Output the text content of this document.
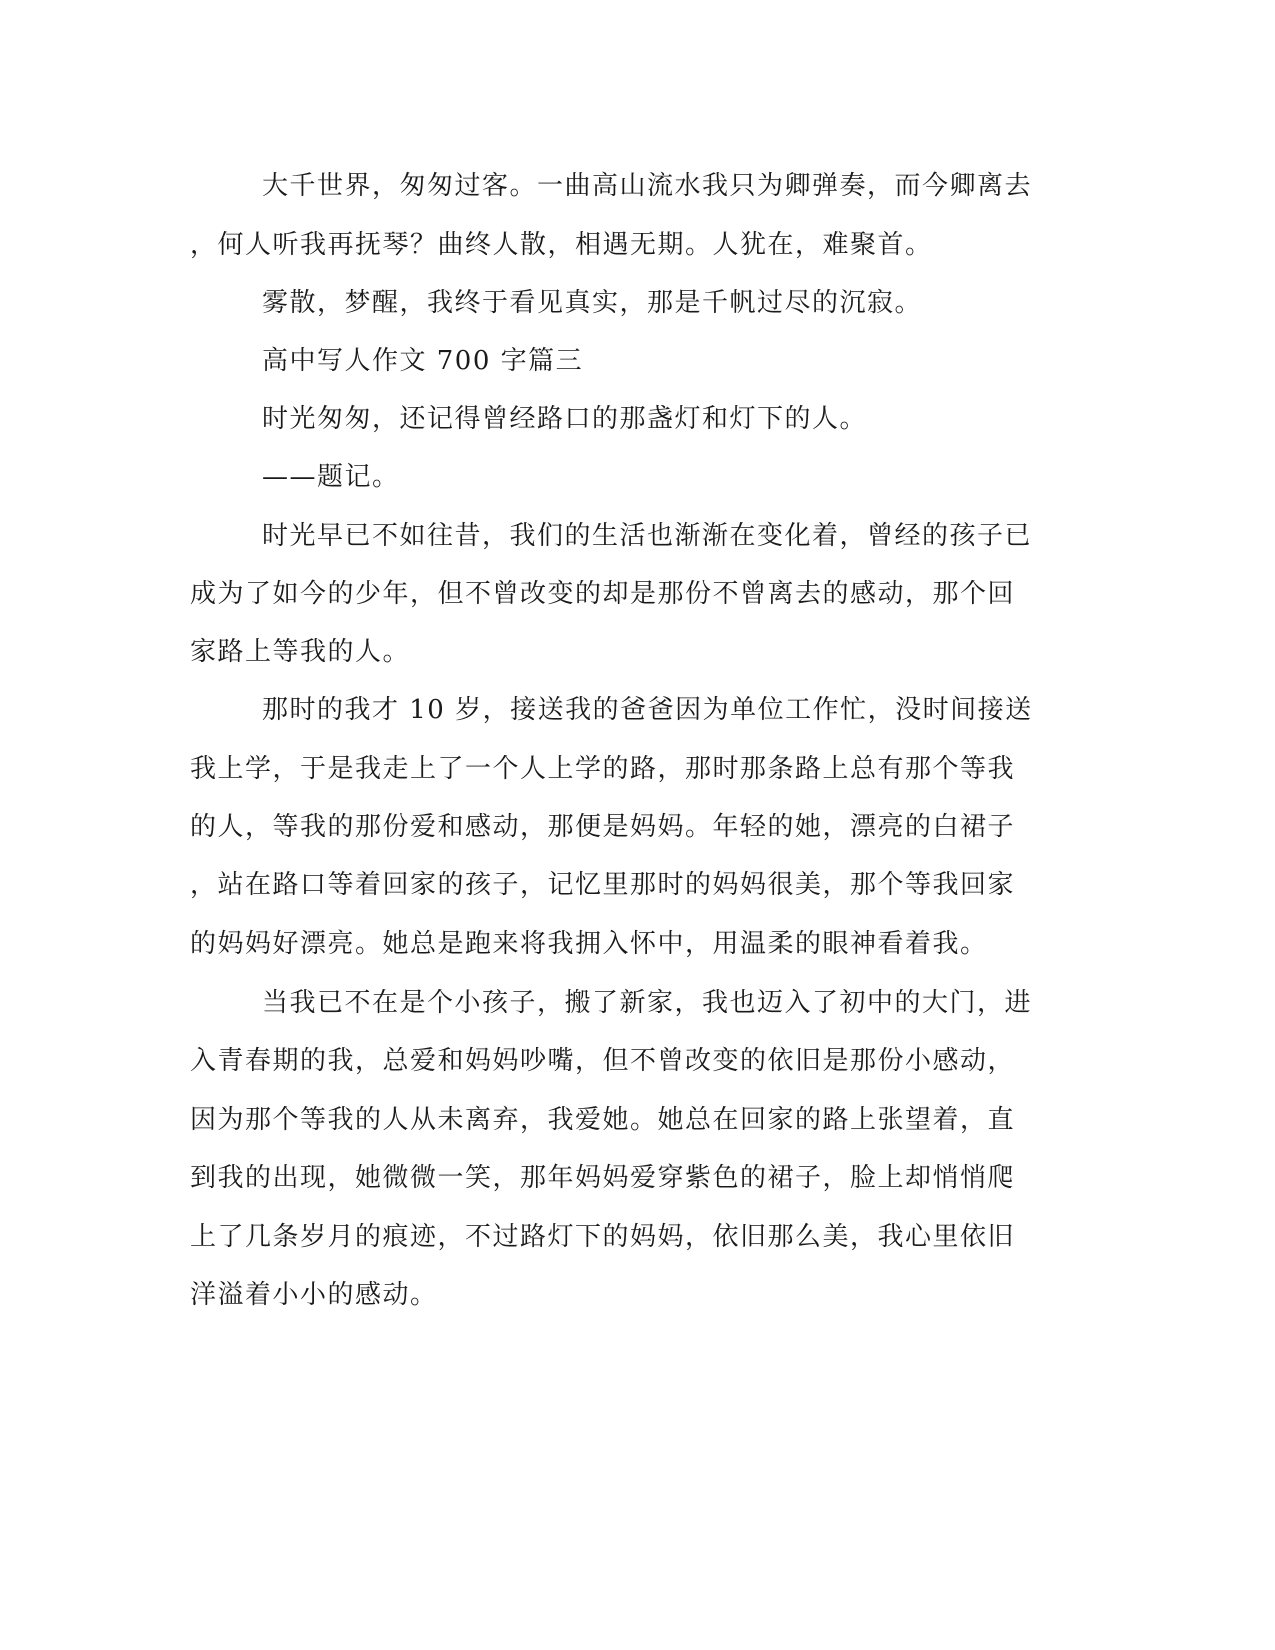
大千世界，匆匆过客。一曲高山流水我只为卿弹奏，而今卿离去
，何人听我再抚琴？曲终人散，相遇无期。人犹在，难聚首。
雾散，梦醒，我终于看见真实，那是千帆过尽的沉寂。
高中写人作文 700 字篇三
时光匆匆，还记得曾经路口的那盏灯和灯下的人。
——题记。
时光早已不如往昔，我们的生活也渐渐在变化着，曾经的孩子已
成为了如今的少年，但不曾改变的却是那份不曾离去的感动，那个回
家路上等我的人。
那时的我才 10 岁，接送我的爸爸因为单位工作忙，没时间接送
我上学，于是我走上了一个人上学的路，那时那条路上总有那个等我
的人，等我的那份爱和感动，那便是妈妈。年轻的她，漂亮的白裙子
，站在路口等着回家的孩子，记忆里那时的妈妈很美，那个等我回家
的妈妈好漂亮。她总是跑来将我拥入怀中，用温柔的眼神看着我。
当我已不在是个小孩子，搬了新家，我也迈入了初中的大门，进
入青春期的我，总爱和妈妈吵嘴，但不曾改变的依旧是那份小感动，
因为那个等我的人从未离弃，我爱她。她总在回家的路上张望着，直
到我的出现，她微微一笑，那年妈妈爱穿紫色的裙子，脸上却悄悄爬
上了几条岁月的痕迹，不过路灯下的妈妈，依旧那么美，我心里依旧
洋溢着小小的感动。
